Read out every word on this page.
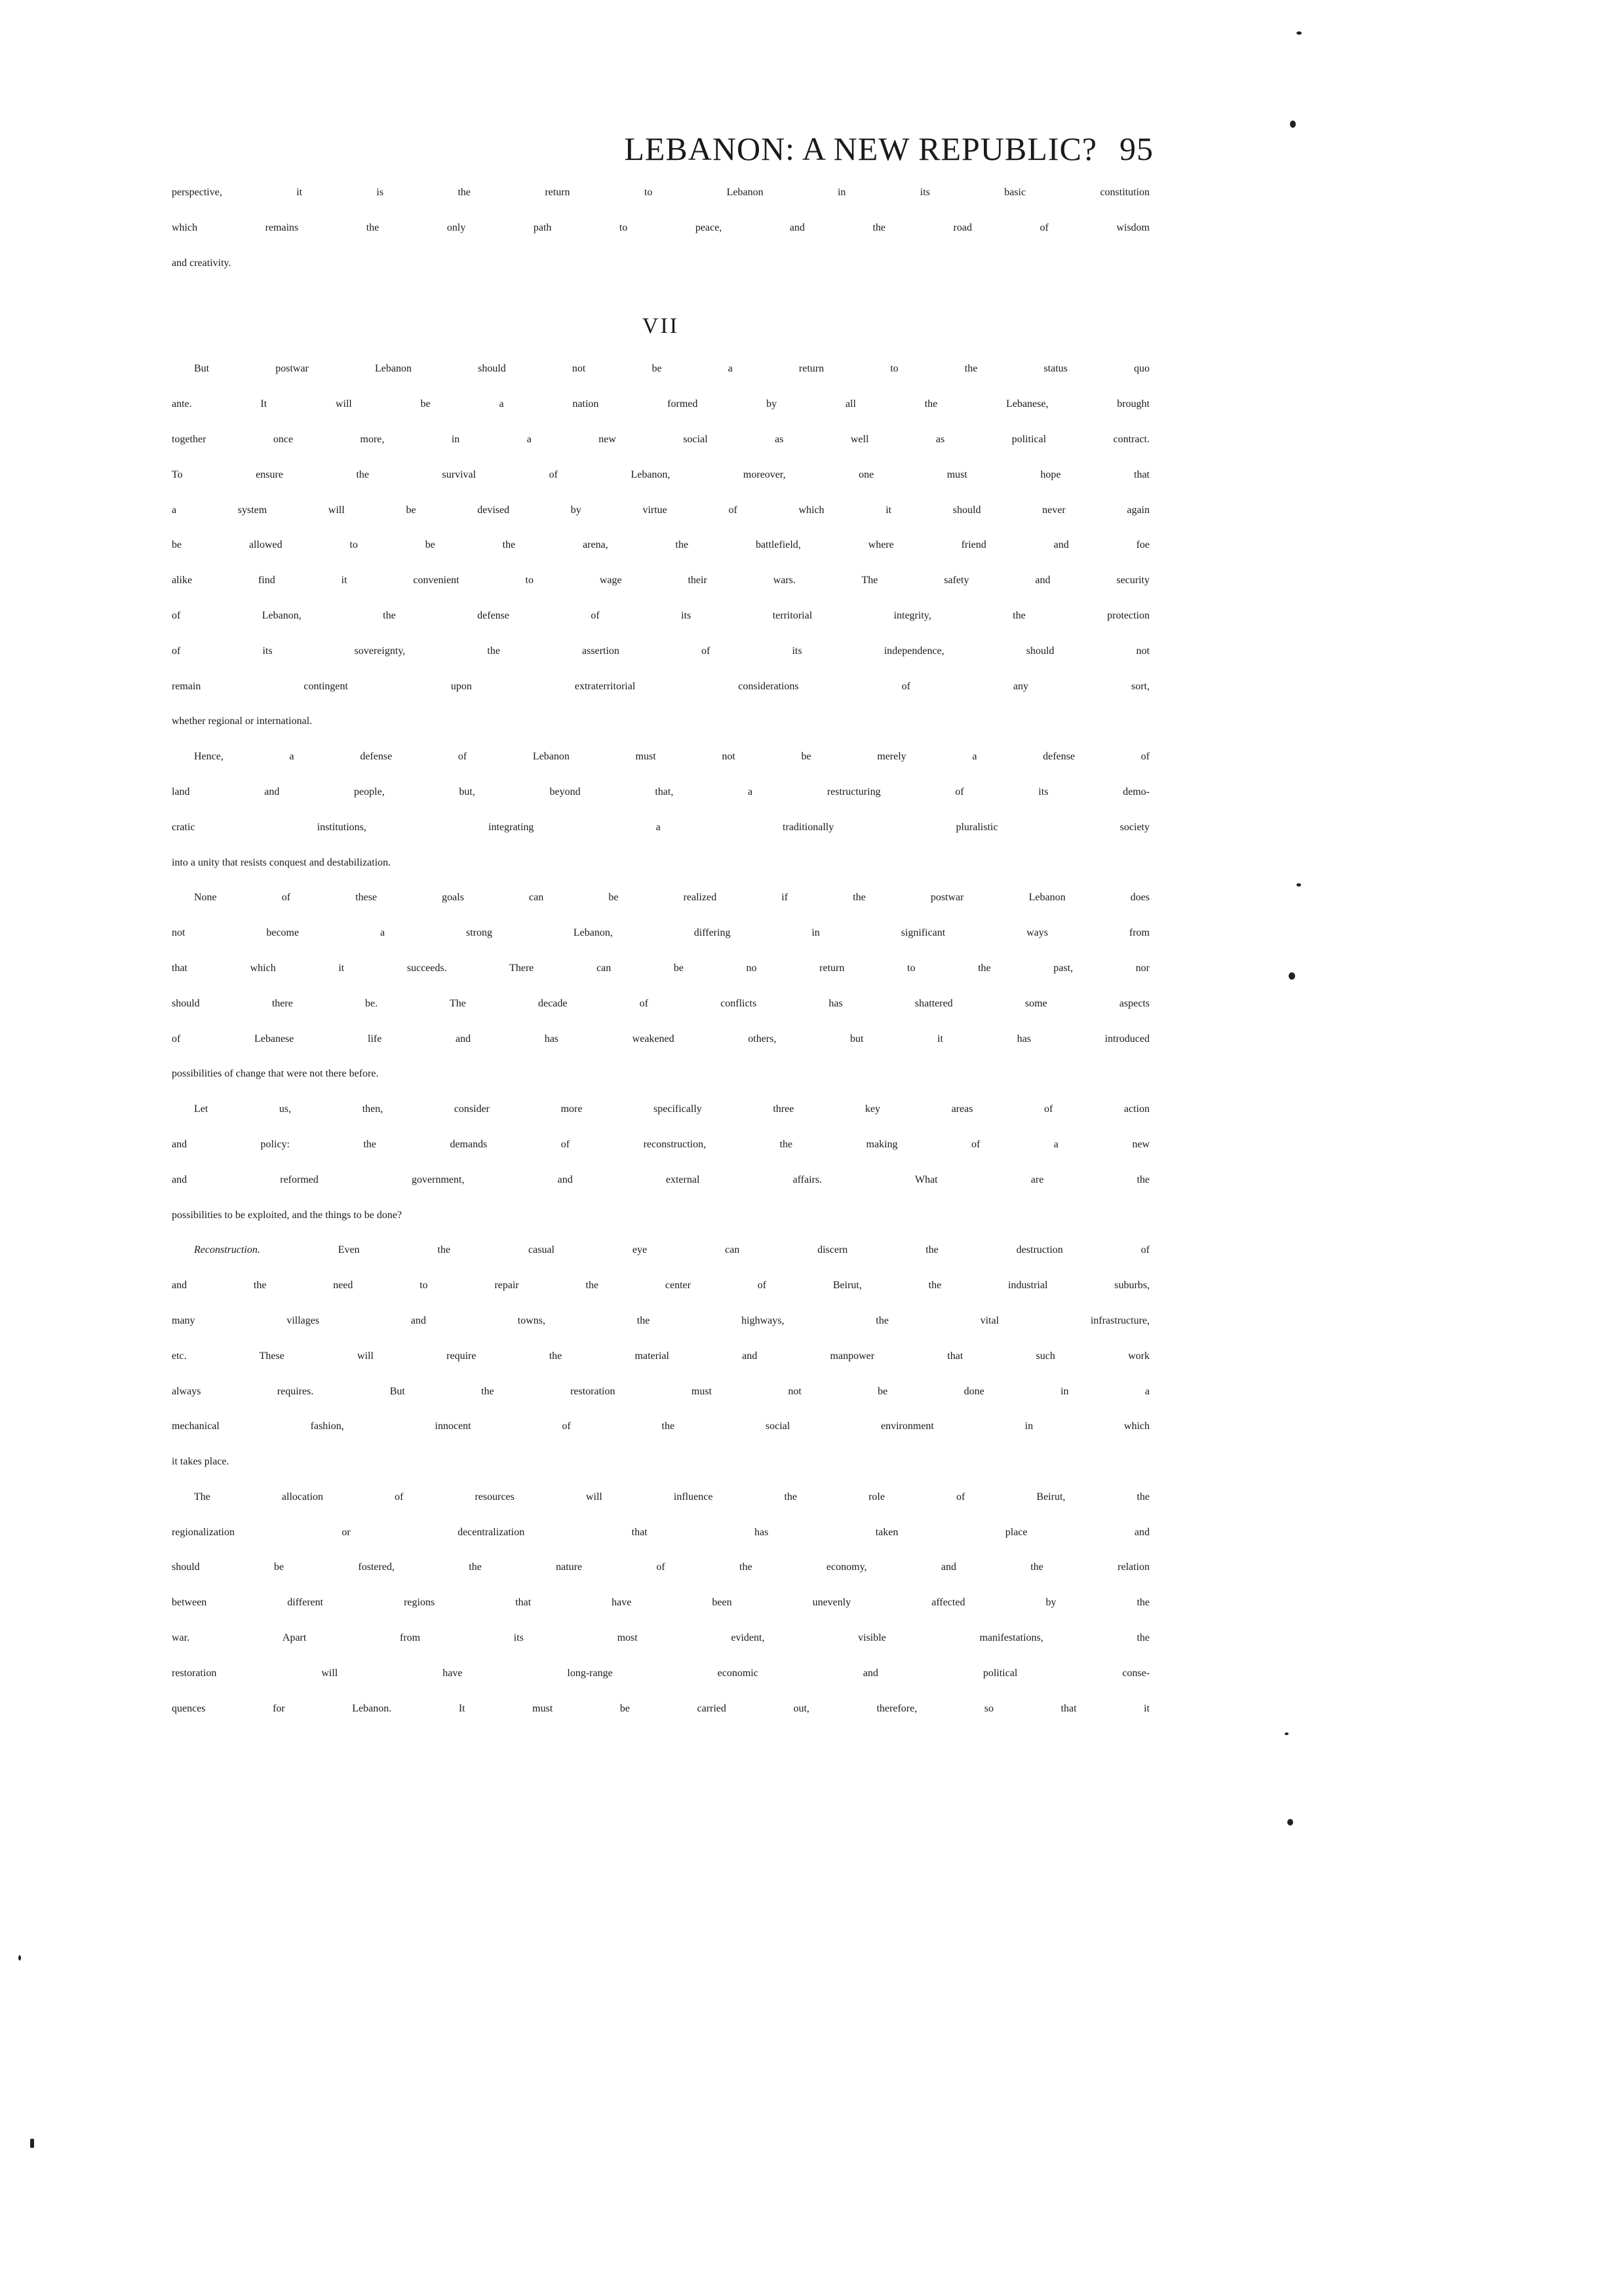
LEBANON: A NEW REPUBLIC? 95
perspective, it is the return to Lebanon in its basic constitution
which remains the only path to peace, and the road of wisdom
and creativity.
VII
But postwar Lebanon should not be a return to the status quo
ante. It will be a nation formed by all the Lebanese, brought
together once more, in a new social as well as political contract.
To ensure the survival of Lebanon, moreover, one must hope that
a system will be devised by virtue of which it should never again
be allowed to be the arena, the battlefield, where friend and foe
alike find it convenient to wage their wars. The safety and security
of Lebanon, the defense of its territorial integrity, the protection
of its sovereignty, the assertion of its independence, should not
remain contingent upon extraterritorial considerations of any sort,
whether regional or international.
Hence, a defense of Lebanon must not be merely a defense of
land and people, but, beyond that, a restructuring of its demo-
cratic institutions, integrating a traditionally pluralistic society
into a unity that resists conquest and destabilization.
None of these goals can be realized if the postwar Lebanon does
not become a strong Lebanon, differing in significant ways from
that which it succeeds. There can be no return to the past, nor
should there be. The decade of conflicts has shattered some aspects
of Lebanese life and has weakened others, but it has introduced
possibilities of change that were not there before.
Let us, then, consider more specifically three key areas of action
and policy: the demands of reconstruction, the making of a new
and reformed government, and external affairs. What are the
possibilities to be exploited, and the things to be done?
Reconstruction. Even the casual eye can discern the destruction of
and the need to repair the center of Beirut, the industrial suburbs,
many villages and towns, the highways, the vital infrastructure,
etc. These will require the material and manpower that such work
always requires. But the restoration must not be done in a
mechanical fashion, innocent of the social environment in which
it takes place.
The allocation of resources will influence the role of Beirut, the
regionalization or decentralization that has taken place and
should be fostered, the nature of the economy, and the relation
between different regions that have been unevenly affected by the
war. Apart from its most evident, visible manifestations, the
restoration will have long-range economic and political conse-
quences for Lebanon. It must be carried out, therefore, so that it
